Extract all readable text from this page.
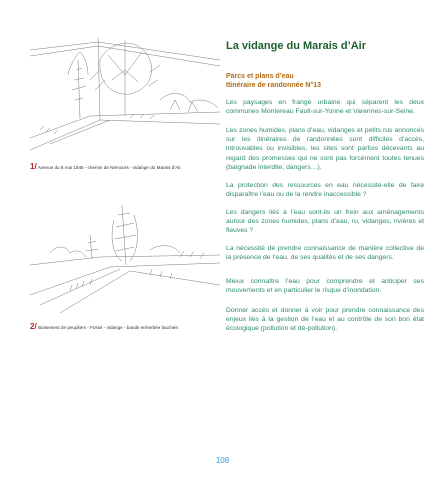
1/ Avenue du 8 mai 1945 - chemin de Nemours - vidange du Marais d'Air.
2/ Boisement de peupliers - Fossé - vidange - bande enherbée fauchée.
La vidange du Marais d’Air
Parcs et plans d’eau
Itinéraire de randonnée N°13
Les paysages en frange urbaine qui séparent les deux communes Montereau Fault-sur-Yonne et Varennes-sur-Seine.
Les zones humides, plans d’eau, vidanges et petits rus annoncés sur les itinéraires de randonnées sont difficiles d’accès, introuvables ou invisibles, les sites sont parfois décevants au regard des promesses qui ne sont pas forcément toutes tenues (baignade interdite, dangers…).
La protection des ressources en eau nécessite-elle de faire disparaître l’eau ou de la rendre inaccessible ?
Les dangers liés à l’eau sont-ils un frein aux aménagements autour des zones humides, plans d’eau, ru, vidanges, rivières et fleuves ?
La nécessité de prendre connaissance de manière collective de la présence de l’eau, de ses qualités et de ses dangers.
Mieux connaître l’eau pour comprendre et anticiper ses mouvements et en particulier le risque d’inondation.
Donner accès et donner à voir pour prendre connaissance des enjeux liés à la gestion de l’eau et au contrôle de son bon état écologique (pollution et dé-pollution).
108
